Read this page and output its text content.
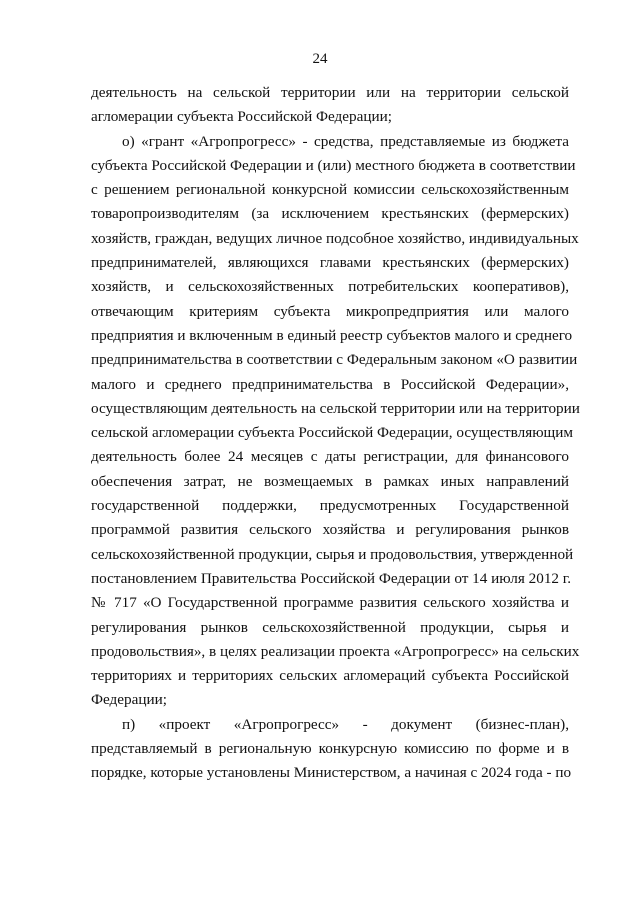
24
деятельность на сельской территории или на территории сельской
агломерации субъекта Российской Федерации;
о) «грант «Агропрогресс» - средства, представляемые из бюджета
субъекта Российской Федерации и (или) местного бюджета в соответствии
с решением региональной конкурсной комиссии сельскохозяйственным
товаропроизводителям (за исключением крестьянских (фермерских)
хозяйств, граждан, ведущих личное подсобное хозяйство, индивидуальных
предпринимателей, являющихся главами крестьянских (фермерских)
хозяйств, и сельскохозяйственных потребительских кооперативов),
отвечающим критериям субъекта микропредприятия или малого
предприятия и включенным в единый реестр субъектов малого и среднего
предпринимательства в соответствии с Федеральным законом «О развитии
малого и среднего предпринимательства в Российской Федерации»,
осуществляющим деятельность на сельской территории или на территории
сельской агломерации субъекта Российской Федерации, осуществляющим
деятельность более 24 месяцев с даты регистрации, для финансового
обеспечения затрат, не возмещаемых в рамках иных направлений
государственной поддержки, предусмотренных Государственной
программой развития сельского хозяйства и регулирования рынков
сельскохозяйственной продукции, сырья и продовольствия, утвержденной
постановлением Правительства Российской Федерации от 14 июля 2012 г.
№ 717 «О Государственной программе развития сельского хозяйства и
регулирования рынков сельскохозяйственной продукции, сырья и
продовольствия», в целях реализации проекта «Агропрогресс» на сельских
территориях и территориях сельских агломераций субъекта Российской
Федерации;
п) «проект «Агропрогресс» - документ (бизнес-план),
представляемый в региональную конкурсную комиссию по форме и в
порядке, которые установлены Министерством, а начиная с 2024 года - по
